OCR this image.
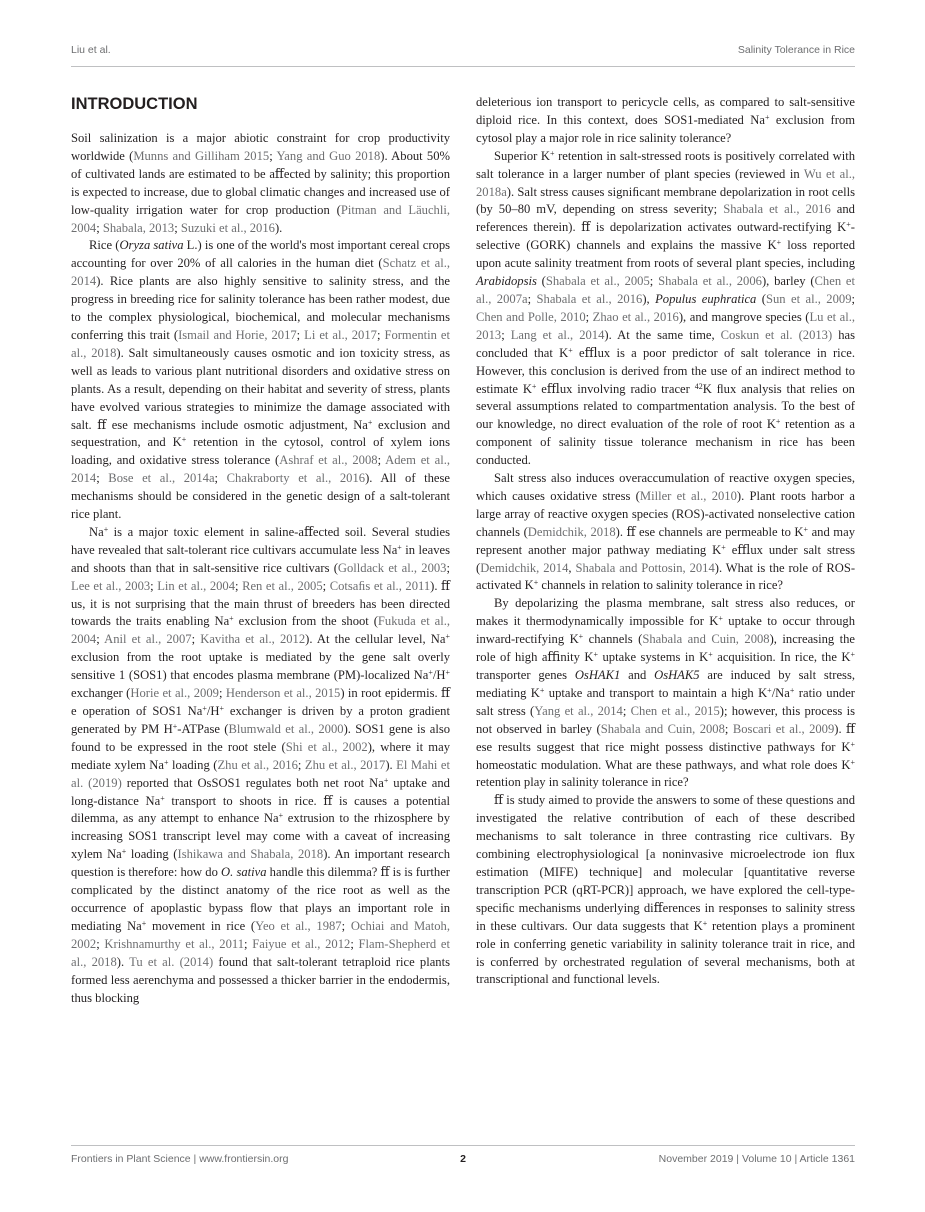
Liu et al.	Salinity Tolerance in Rice
INTRODUCTION

Soil salinization is a major abiotic constraint for crop productivity worldwide (Munns and Gilliham 2015; Yang and Guo 2018). About 50% of cultivated lands are estimated to be aﬀected by salinity; this proportion is expected to increase, due to global climatic changes and increased use of low-quality irrigation water for crop production (Pitman and Läuchli, 2004; Shabala, 2013; Suzuki et al., 2016).

Rice (Oryza sativa L.) is one of the world's most important cereal crops accounting for over 20% of all calories in the human diet (Schatz et al., 2014). Rice plants are also highly sensitive to salinity stress, and the progress in breeding rice for salinity tolerance has been rather modest, due to the complex physiological, biochemical, and molecular mechanisms conferring this trait (Ismail and Horie, 2017; Li et al., 2017; Formentin et al., 2018). Salt simultaneously causes osmotic and ion toxicity stress, as well as leads to various plant nutritional disorders and oxidative stress on plants. As a result, depending on their habitat and severity of stress, plants have evolved various strategies to minimize the damage associated with salt. ﬀ ese mechanisms include osmotic adjustment, Na+ exclusion and sequestration, and K+ retention in the cytosol, control of xylem ions loading, and oxidative stress tolerance (Ashraf et al., 2008; Adem et al., 2014; Bose et al., 2014a; Chakraborty et al., 2016). All of these mechanisms should be considered in the genetic design of a salt-tolerant rice plant.

Na+ is a major toxic element in saline-aﬀected soil. Several studies have revealed that salt-tolerant rice cultivars accumulate less Na+ in leaves and shoots than that in salt-sensitive rice cultivars (Golldack et al., 2003; Lee et al., 2003; Lin et al., 2004; Ren et al., 2005; Cotsaﬁs et al., 2011). ﬀ us, it is not surprising that the main thrust of breeders has been directed towards the traits enabling Na+ exclusion from the shoot (Fukuda et al., 2004; Anil et al., 2007; Kavitha et al., 2012). At the cellular level, Na+ exclusion from the root uptake is mediated by the gene salt overly sensitive 1 (SOS1) that encodes plasma membrane (PM)-localized Na+/H+ exchanger (Horie et al., 2009; Henderson et al., 2015) in root epidermis. ﬀ e operation of SOS1 Na+/H+ exchanger is driven by a proton gradient generated by PM H+-ATPase (Blumwald et al., 2000). SOS1 gene is also found to be expressed in the root stele (Shi et al., 2002), where it may mediate xylem Na+ loading (Zhu et al., 2016; Zhu et al., 2017). El Mahi et al. (2019) reported that OsSOS1 regulates both net root Na+ uptake and long-distance Na+ transport to shoots in rice. ﬀ is causes a potential dilemma, as any attempt to enhance Na+ extrusion to the rhizosphere by increasing SOS1 transcript level may come with a caveat of increasing xylem Na+ loading (Ishikawa and Shabala, 2018). An important research question is therefore: how do O. sativa handle this dilemma? ﬀ is is further complicated by the distinct anatomy of the rice root as well as the occurrence of apoplastic bypass ﬂow that plays an important role in mediating Na+ movement in rice (Yeo et al., 1987; Ochiai and Matoh, 2002; Krishnamurthy et al., 2011; Faiyue et al., 2012; Flam-Shepherd et al., 2018). Tu et al. (2014) found that salt-tolerant tetraploid rice plants formed less aerenchyma and possessed a thicker barrier in the endodermis, thus blocking

deleterious ion transport to pericycle cells, as compared to salt-sensitive diploid rice. In this context, does SOS1-mediated Na+ exclusion from cytosol play a major role in rice salinity tolerance?

Superior K+ retention in salt-stressed roots is positively correlated with salt tolerance in a larger number of plant species (reviewed in Wu et al., 2018a). Salt stress causes signiﬁcant membrane depolarization in root cells (by 50–80 mV, depending on stress severity; Shabala et al., 2016 and references therein). ﬀ is depolarization activates outward-rectifying K+-selective (GORK) channels and explains the massive K+ loss reported upon acute salinity treatment from roots of several plant species, including Arabidopsis (Shabala et al., 2005; Shabala et al., 2006), barley (Chen et al., 2007a; Shabala et al., 2016), Populus euphratica (Sun et al., 2009; Chen and Polle, 2010; Zhao et al., 2016), and mangrove species (Lu et al., 2013; Lang et al., 2014). At the same time, Coskun et al. (2013) has concluded that K+ eﬄux is a poor predictor of salt tolerance in rice. However, this conclusion is derived from the use of an indirect method to estimate K+ eﬄux involving radio tracer $^{42}$K ﬂux analysis that relies on several assumptions related to compartmentation analysis. To the best of our knowledge, no direct evaluation of the role of root K+ retention as a component of salinity tissue tolerance mechanism in rice has been conducted.

Salt stress also induces overaccumulation of reactive oxygen species, which causes oxidative stress (Miller et al., 2010). Plant roots harbor a large array of reactive oxygen species (ROS)-activated nonselective cation channels (Demidchik, 2018). ﬀ ese channels are permeable to K+ and may represent another major pathway mediating K+ eﬄux under salt stress (Demidchik, 2014, Shabala and Pottosin, 2014). What is the role of ROS-activated K+ channels in relation to salinity tolerance in rice?

By depolarizing the plasma membrane, salt stress also reduces, or makes it thermodynamically impossible for K+ uptake to occur through inward-rectifying K+ channels (Shabala and Cuin, 2008), increasing the role of high aﬃnity K+ uptake systems in K+ acquisition. In rice, the K+ transporter genes OsHAK1 and OsHAK5 are induced by salt stress, mediating K+ uptake and transport to maintain a high K+/Na+ ratio under salt stress (Yang et al., 2014; Chen et al., 2015); however, this process is not observed in barley (Shabala and Cuin, 2008; Boscari et al., 2009). ﬀ ese results suggest that rice might possess distinctive pathways for K+ homeostatic modulation. What are these pathways, and what role does K+ retention play in salinity tolerance in rice?

ﬀ is study aimed to provide the answers to some of these questions and investigated the relative contribution of each of these described mechanisms to salt tolerance in three contrasting rice cultivars. By combining electrophysiological [a noninvasive microelectrode ion ﬂux estimation (MIFE) technique] and molecular [quantitative reverse transcription PCR (qRT-PCR)] approach, we have explored the cell-type-speciﬁc mechanisms underlying diﬀerences in responses to salinity stress in these cultivars. Our data suggests that K+ retention plays a prominent role in conferring genetic variability in salinity tolerance trait in rice, and is conferred by orchestrated regulation of several mechanisms, both at transcriptional and functional levels.

Frontiers in Plant Science | www.frontiersin.org	2	November 2019 | Volume 10 | Article 1361
